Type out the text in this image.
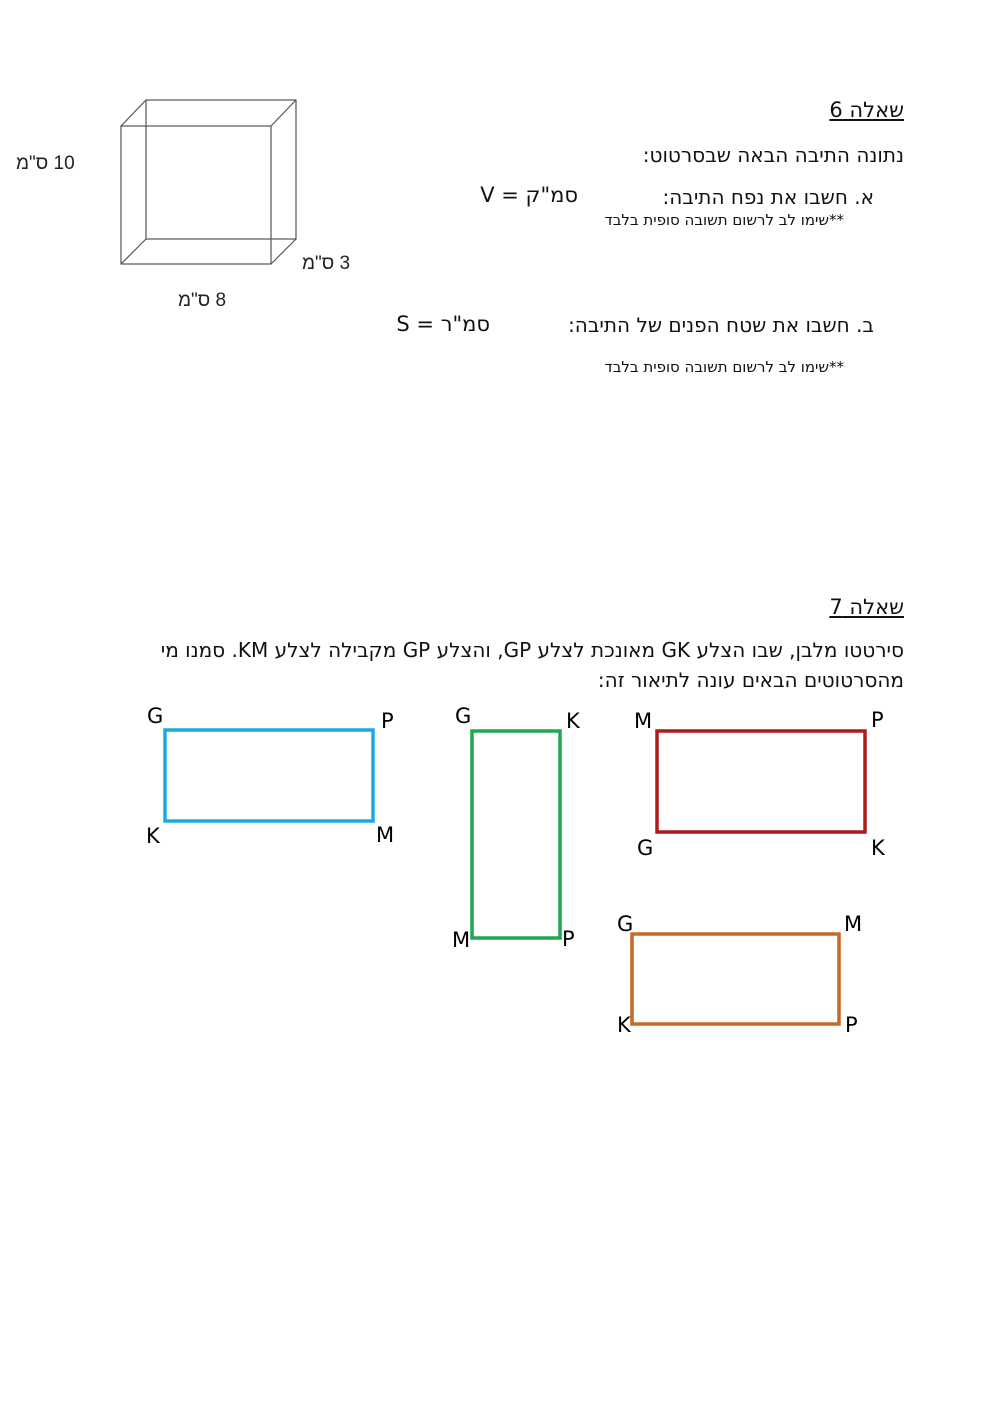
שאלה 6
נתונה התיבה הבאה שבסרטוט:
א. חשבו את נפח התיבה:
V = סמ"ק
**שימו לב לרשום תשובה סופית בלבד
ב. חשבו את שטח הפנים של התיבה:
S = סמ"ר
**שימו לב לרשום תשובה סופית בלבד
10 ס"מ
3 ס"מ
8 ס"מ
שאלה 7
סירטטו מלבן, שבו הצלע GK מאונכת לצלע GP, והצלע GP מקבילה לצלע KM. סמנו מי
מהסרטוטים הבאים עונה לתיאור זה:
G	P
K	M
G	K
M	P
M	P
G	K
G	M
K	P
